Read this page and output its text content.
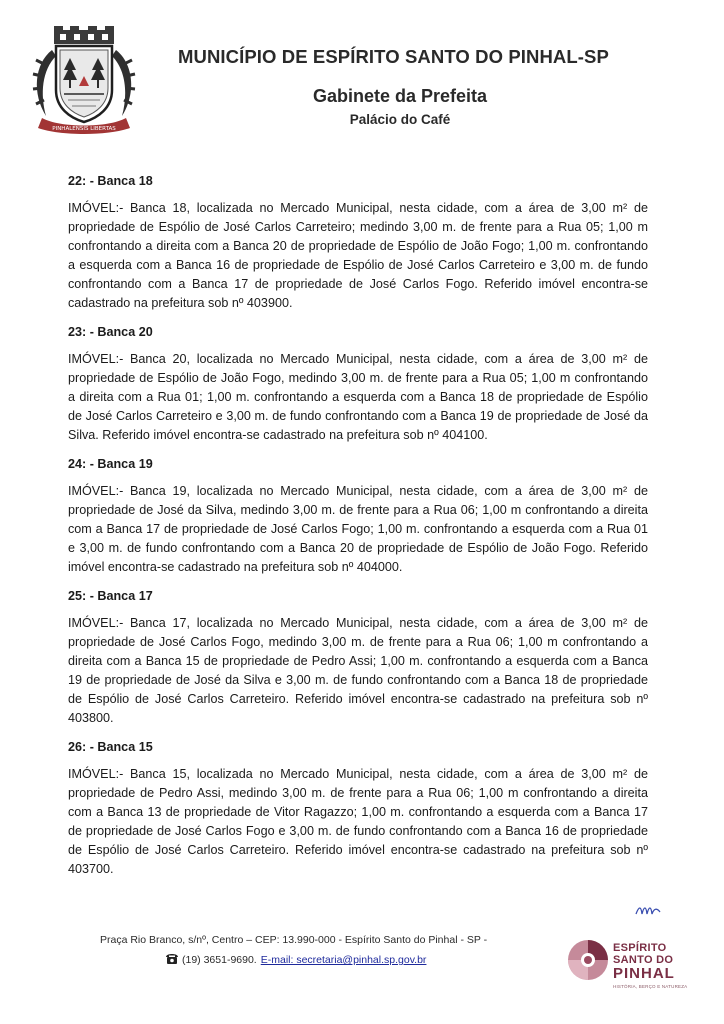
PINHALENSIS LIBERTAS
MUNICÍPIO DE ESPÍRITO SANTO DO PINHAL-SP
Gabinete da Prefeita
Palácio do Café

22: - Banca 18

IMÓVEL:- Banca 18, localizada no Mercado Municipal, nesta cidade, com a área de 3,00 m² de propriedade de Espólio de José Carlos Carreteiro; medindo 3,00 m. de frente para a Rua 05; 1,00 m confrontando a direita com a Banca 20 de propriedade de Espólio de João Fogo; 1,00 m. confrontando a esquerda com a Banca 16 de propriedade de Espólio de José Carlos Carreteiro e 3,00 m. de fundo confrontando com a Banca 17 de propriedade de José Carlos Fogo. Referido imóvel encontra-se cadastrado na prefeitura sob nº 403900.

23: - Banca 20

IMÓVEL:- Banca 20, localizada no Mercado Municipal, nesta cidade, com a área de 3,00 m² de propriedade de Espólio de João Fogo, medindo 3,00 m. de frente para a Rua 05; 1,00 m confrontando a direita com a Rua 01; 1,00 m. confrontando a esquerda com a Banca 18 de propriedade de Espólio de José Carlos Carreteiro e 3,00 m. de fundo confrontando com a Banca 19 de propriedade de José da Silva. Referido imóvel encontra-se cadastrado na prefeitura sob nº 404100.

24: - Banca 19

IMÓVEL:- Banca 19, localizada no Mercado Municipal, nesta cidade, com a área de 3,00 m² de propriedade de José da Silva, medindo 3,00 m. de frente para a Rua 06; 1,00 m confrontando a direita com a Banca 17 de propriedade de José Carlos Fogo; 1,00 m. confrontando a esquerda com a Rua 01 e 3,00 m. de fundo confrontando com a Banca 20 de propriedade de Espólio de João Fogo. Referido imóvel encontra-se cadastrado na prefeitura sob nº 404000.

25: - Banca 17

IMÓVEL:- Banca 17, localizada no Mercado Municipal, nesta cidade, com a área de 3,00 m² de propriedade de José Carlos Fogo, medindo 3,00 m. de frente para a Rua 06; 1,00 m confrontando a direita com a Banca 15 de propriedade de Pedro Assi; 1,00 m. confrontando a esquerda com a Banca 19 de propriedade de José da Silva e 3,00 m. de fundo confrontando com a Banca 18 de propriedade de Espólio de José Carlos Carreteiro. Referido imóvel encontra-se cadastrado na prefeitura sob nº 403800.

26: - Banca 15

IMÓVEL:- Banca 15, localizada no Mercado Municipal, nesta cidade, com a área de 3,00 m² de propriedade de Pedro Assi, medindo 3,00 m. de frente para a Rua 06; 1,00 m confrontando a direita com a Banca 13 de propriedade de Vitor Ragazzo; 1,00 m. confrontando a esquerda com a Banca 17 de propriedade de José Carlos Fogo e 3,00 m. de fundo confrontando com a Banca 16 de propriedade de Espólio de José Carlos Carreteiro. Referido imóvel encontra-se cadastrado na prefeitura sob nº 403700.

Praça Rio Branco, s/nº, Centro – CEP: 13.990-000 - Espírito Santo do Pinhal - SP -
(19) 3651-9690. E-mail: secretaria@pinhal.sp.gov.br
ESPÍRITO
SANTO DO
PINHAL
HISTÓRIA, BERÇO E NATUREZA
